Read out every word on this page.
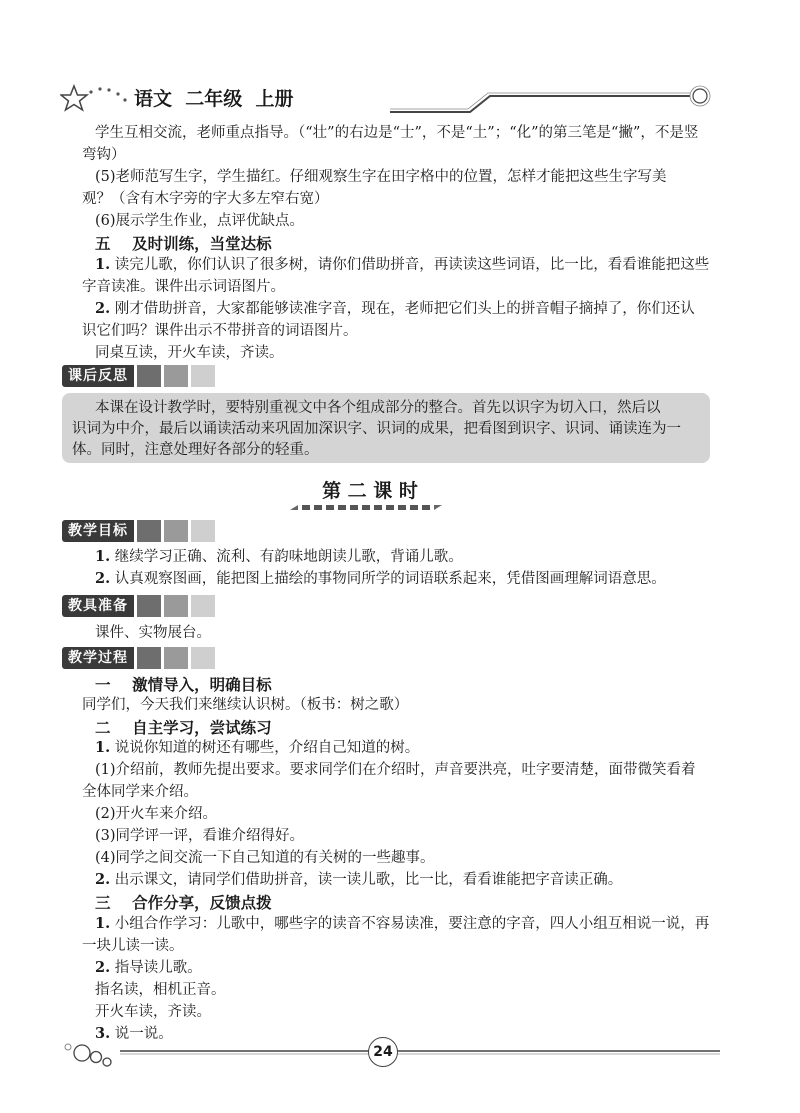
语文  二年级  上册

学生互相交流，老师重点指导。（“壮”的右边是“士”，不是“土”；“化”的第三笔是“撇”，不是竖

弯钩）

(5)老师范写生字，学生描红。仔细观察生字在田字格中的位置，怎样才能把这些生字写美

观？（含有木字旁的字大多左窄右宽）

(6)展示学生作业，点评优缺点。

五    及时训练，当堂达标

1. 读完儿歌，你们认识了很多树，请你们借助拼音，再读读这些词语，比一比，看看谁能把这些

字音读准。课件出示词语图片。

2. 刚才借助拼音，大家都能够读准字音，现在，老师把它们头上的拼音帽子摘掉了，你们还认

识它们吗？课件出示不带拼音的词语图片。

同桌互读，开火车读，齐读。

课后反思

本课在设计教学时，要特别重视文中各个组成部分的整合。首先以识字为切入口，然后以

识词为中介，最后以诵读活动来巩固加深识字、识词的成果，把看图到识字、识词、诵读连为一

体。同时，注意处理好各部分的轻重。

第 二 课 时
教学目标

1. 继续学习正确、流利、有韵味地朗读儿歌，背诵儿歌。

2. 认真观察图画，能把图上描绘的事物同所学的词语联系起来，凭借图画理解词语意思。

教具准备

课件、实物展台。

教学过程
一    激情导入，明确目标

同学们，今天我们来继续认识树。（板书：树之歌）

二    自主学习，尝试练习

1. 说说你知道的树还有哪些，介绍自己知道的树。

(1)介绍前，教师先提出要求。要求同学们在介绍时，声音要洪亮，吐字要清楚，面带微笑看着

全体同学来介绍。

(2)开火车来介绍。

(3)同学评一评，看谁介绍得好。

(4)同学之间交流一下自己知道的有关树的一些趣事。

2. 出示课文，请同学们借助拼音，读一读儿歌，比一比，看看谁能把字音读正确。

三    合作分享，反馈点拨

1. 小组合作学习：儿歌中，哪些字的读音不容易读准，要注意的字音，四人小组互相说一说，再

一块儿读一读。

2. 指导读儿歌。

指名读，相机正音。

开火车读，齐读。

3. 说一说。

24
